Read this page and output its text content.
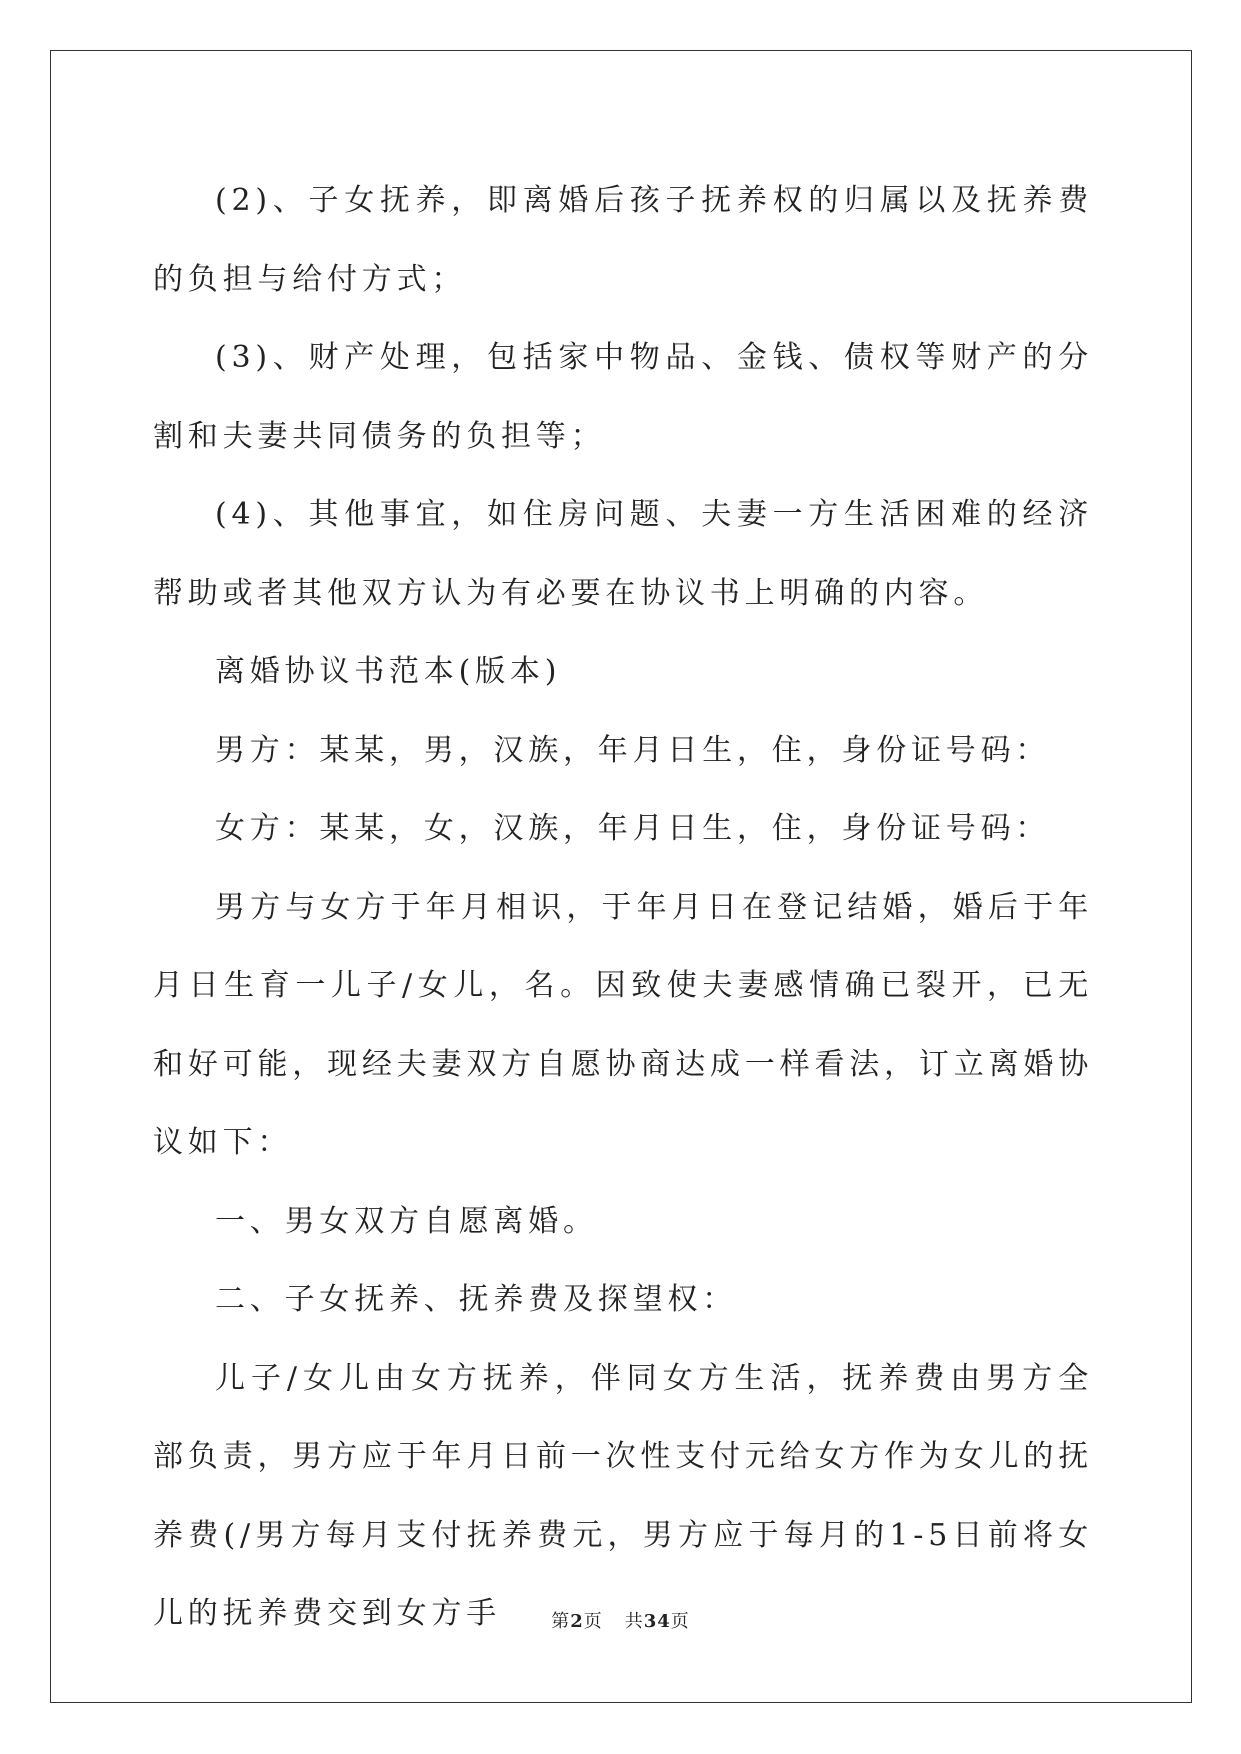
(2)、子女抚养，即离婚后孩子抚养权的归属以及抚养费的负担与给付方式；

(3)、财产处理，包括家中物品、金钱、债权等财产的分割和夫妻共同债务的负担等；

(4)、其他事宜，如住房问题、夫妻一方生活困难的经济帮助或者其他双方认为有必要在协议书上明确的内容。

离婚协议书范本(版本)

男方：某某，男，汉族，年月日生，住，身份证号码：

女方：某某，女，汉族，年月日生，住，身份证号码：

男方与女方于年月相识，于年月日在登记结婚，婚后于年月日生育一儿子/女儿，名。因致使夫妻感情确已裂开，已无和好可能，现经夫妻双方自愿协商达成一样看法，订立离婚协议如下：

一、男女双方自愿离婚。

二、子女抚养、抚养费及探望权：

儿子/女儿由女方抚养，伴同女方生活，抚养费由男方全部负责，男方应于年月日前一次性支付元给女方作为女儿的抚养费(/男方每月支付抚养费元，男方应于每月的1-5日前将女儿的抚养费交到女方手	第2页 共34页
